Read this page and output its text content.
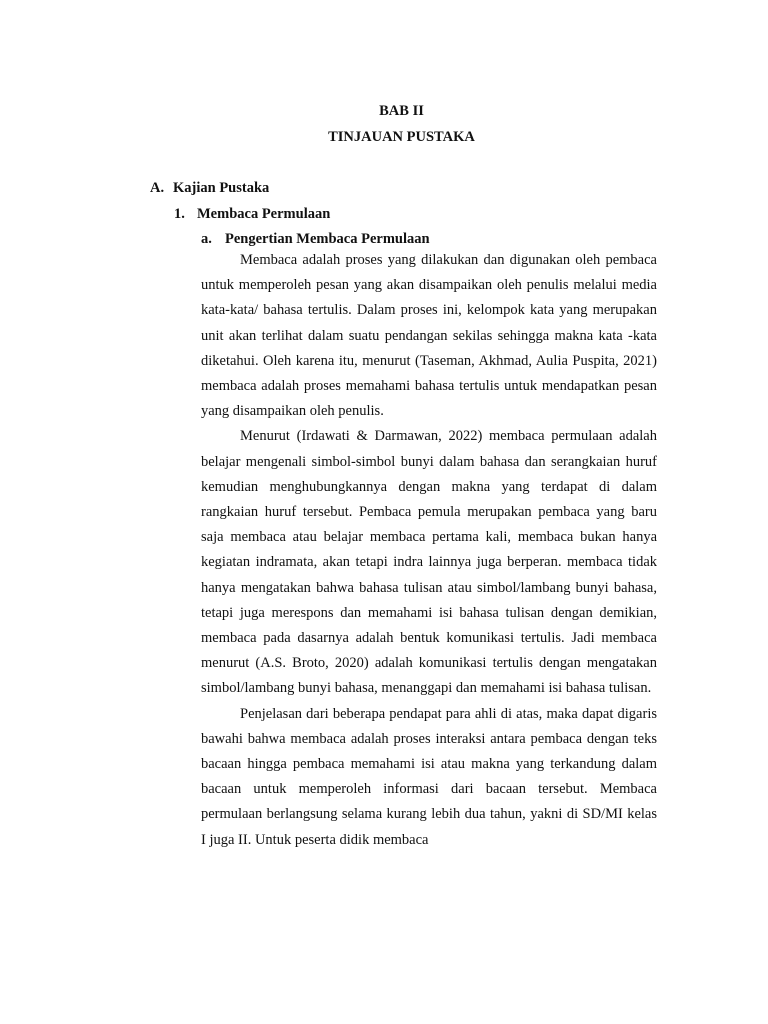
BAB II
TINJAUAN PUSTAKA
A. Kajian Pustaka
1. Membaca Permulaan
a. Pengertian Membaca Permulaan

Membaca adalah proses yang dilakukan dan digunakan oleh pembaca untuk memperoleh pesan yang akan disampaikan oleh penulis melalui media kata-kata/ bahasa tertulis. Dalam proses ini, kelompok kata yang merupakan unit akan terlihat dalam suatu pendangan sekilas sehingga makna kata -kata diketahui. Oleh karena itu, menurut (Taseman, Akhmad, Aulia Puspita, 2021) membaca adalah proses memahami bahasa tertulis untuk mendapatkan pesan yang disampaikan oleh penulis.

Menurut (Irdawati & Darmawan, 2022) membaca permulaan adalah belajar mengenali simbol-simbol bunyi dalam bahasa dan serangkaian huruf kemudian menghubungkannya dengan makna yang terdapat di dalam rangkaian huruf tersebut. Pembaca pemula merupakan pembaca yang baru saja membaca atau belajar membaca pertama kali, membaca bukan hanya kegiatan indramata, akan tetapi indra lainnya juga berperan. membaca tidak hanya mengatakan bahwa bahasa tulisan atau simbol/lambang bunyi bahasa, tetapi juga merespons dan memahami isi bahasa tulisan dengan demikian, membaca pada dasarnya adalah bentuk komunikasi tertulis. Jadi membaca menurut (A.S. Broto, 2020) adalah komunikasi tertulis dengan mengatakan simbol/lambang bunyi bahasa, menanggapi dan memahami isi bahasa tulisan.

Penjelasan dari beberapa pendapat para ahli di atas, maka dapat digaris bawahi bahwa membaca adalah proses interaksi antara pembaca dengan teks bacaan hingga pembaca memahami isi atau makna yang terkandung dalam bacaan untuk memperoleh informasi dari bacaan tersebut. Membaca permulaan berlangsung selama kurang lebih dua tahun, yakni di SD/MI kelas I juga II. Untuk peserta didik membaca
